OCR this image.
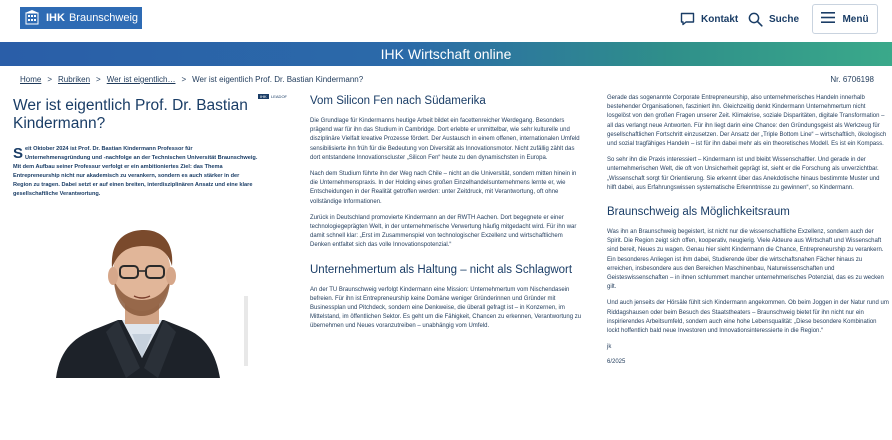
IHK Braunschweig	Kontakt	Suche	Menü
IHK Wirtschaft online
Home > Rubriken > Wer ist eigentlich… > Wer ist eigentlich Prof. Dr. Bastian Kindermann?	Nr. 6706198
IHK	LEADOF
Wer ist eigentlich Prof. Dr. Bastian Kindermann?
Seit Oktober 2024 ist Prof. Dr. Bastian Kindermann Professor für Unternehmensgründung und -nachfolge an der Technischen Universität Braunschweig. Mit dem Aufbau seiner Professur verfolgt er ein ambitioniertes Ziel: das Thema Entrepreneurship nicht nur akademisch zu verankern, sondern es auch stärker in der Region zu tragen. Dabei setzt er auf einen breiten, interdisziplinären Ansatz und eine klare gesellschaftliche Verantwortung.
Vom Silicon Fen nach Südamerika

Die Grundlage für Kindermanns heutige Arbeit bildet ein facettenreicher Werdegang. Besonders prägend war für ihn das Studium in Cambridge. Dort erlebte er unmittelbar, wie sehr kulturelle und disziplinäre Vielfalt kreative Prozesse fördert. Der Austausch in einem offenen, internationalen Umfeld sensibilisierte ihn früh für die Bedeutung von Diversität als Innovationsmotor. Nicht zufällig zählt das dort entstandene Innovationscluster „Silicon Fen“ heute zu den dynamischsten in Europa.

Nach dem Studium führte ihn der Weg nach Chile – nicht an die Universität, sondern mitten hinein in die Unternehmenspraxis. In der Holding eines großen Einzelhandelsunternehmens lernte er, wie Entscheidungen in der Realität getroffen werden: unter Zeitdruck, mit Verantwortung, oft ohne vollständige Informationen.

Zurück in Deutschland promovierte Kindermann an der RWTH Aachen. Dort begegnete er einer technologiegeprägten Welt, in der unternehmerische Verwertung häufig mitgedacht wird. Für ihn war damit schnell klar: „Erst im Zusammenspiel von technologischer Exzellenz und wirtschaftlichem Denken entfaltet sich das volle Innovationspotenzial.“

Unternehmertum als Haltung – nicht als Schlagwort

An der TU Braunschweig verfolgt Kindermann eine Mission: Unternehmertum vom Nischendasein befreien. Für ihn ist Entrepreneurship keine Domäne weniger Gründerinnen und Gründer mit Businessplan und Pitchdeck, sondern eine Denkweise, die überall gefragt ist – in Konzernen, im Mittelstand, im öffentlichen Sektor. Es geht um die Fähigkeit, Chancen zu erkennen, Verantwortung zu übernehmen und Neues voranzutreiben – unabhängig vom Umfeld.

Gerade das sogenannte Corporate Entrepreneurship, also unternehmerisches Handeln innerhalb bestehender Organisationen, fasziniert ihn. Gleichzeitig denkt Kindermann Unternehmertum nicht losgelöst von den großen Fragen unserer Zeit. Klimakrise, soziale Disparitäten, digitale Transformation – all das verlangt neue Antworten. Für ihn liegt darin eine Chance: den Gründungsgeist als Werkzeug für gesellschaftlichen Fortschritt einzusetzen. Der Ansatz der „Triple Bottom Line“ – wirtschaftlich, ökologisch und sozial tragfähiges Handeln – ist für ihn dabei mehr als ein theoretisches Modell. Es ist ein Kompass.

So sehr ihn die Praxis interessiert – Kindermann ist und bleibt Wissenschaftler. Und gerade in der unternehmerischen Welt, die oft von Unsicherheit geprägt ist, sieht er die Forschung als unverzichtbar. „Wissenschaft sorgt für Orientierung. Sie erkennt über das Anekdotische hinaus bestimmte Muster und hilft dabei, aus Erfahrungswissen systematische Erkenntnisse zu gewinnen“, so Kindermann.

Braunschweig als Möglichkeitsraum

Was ihn an Braunschweig begeistert, ist nicht nur die wissenschaftliche Exzellenz, sondern auch der Spirit. Die Region zeigt sich offen, kooperativ, neugierig. Viele Akteure aus Wirtschaft und Wissenschaft sind bereit, Neues zu wagen. Genau hier sieht Kindermann die Chance, Entrepreneurship zu verankern. Ein besonderes Anliegen ist ihm dabei, Studierende über die wirtschaftsnahen Fächer hinaus zu erreichen, insbesondere aus den Bereichen Maschinenbau, Naturwissenschaften und Geisteswissenschaften – in ihnen schlummert mancher unternehmerisches Potenzial, das es zu wecken gilt.

Und auch jenseits der Hörsäle fühlt sich Kindermann angekommen. Ob beim Joggen in der Natur rund um Riddagshausen oder beim Besuch des Staatstheaters – Braunschweig bietet für ihn nicht nur ein inspirierendes Arbeitsumfeld, sondern auch eine hohe Lebensqualität: „Diese besondere Kombination lockt hoffentlich bald neue Investoren und Innovationsinteressierte in die Region.“

jk

6/2025
